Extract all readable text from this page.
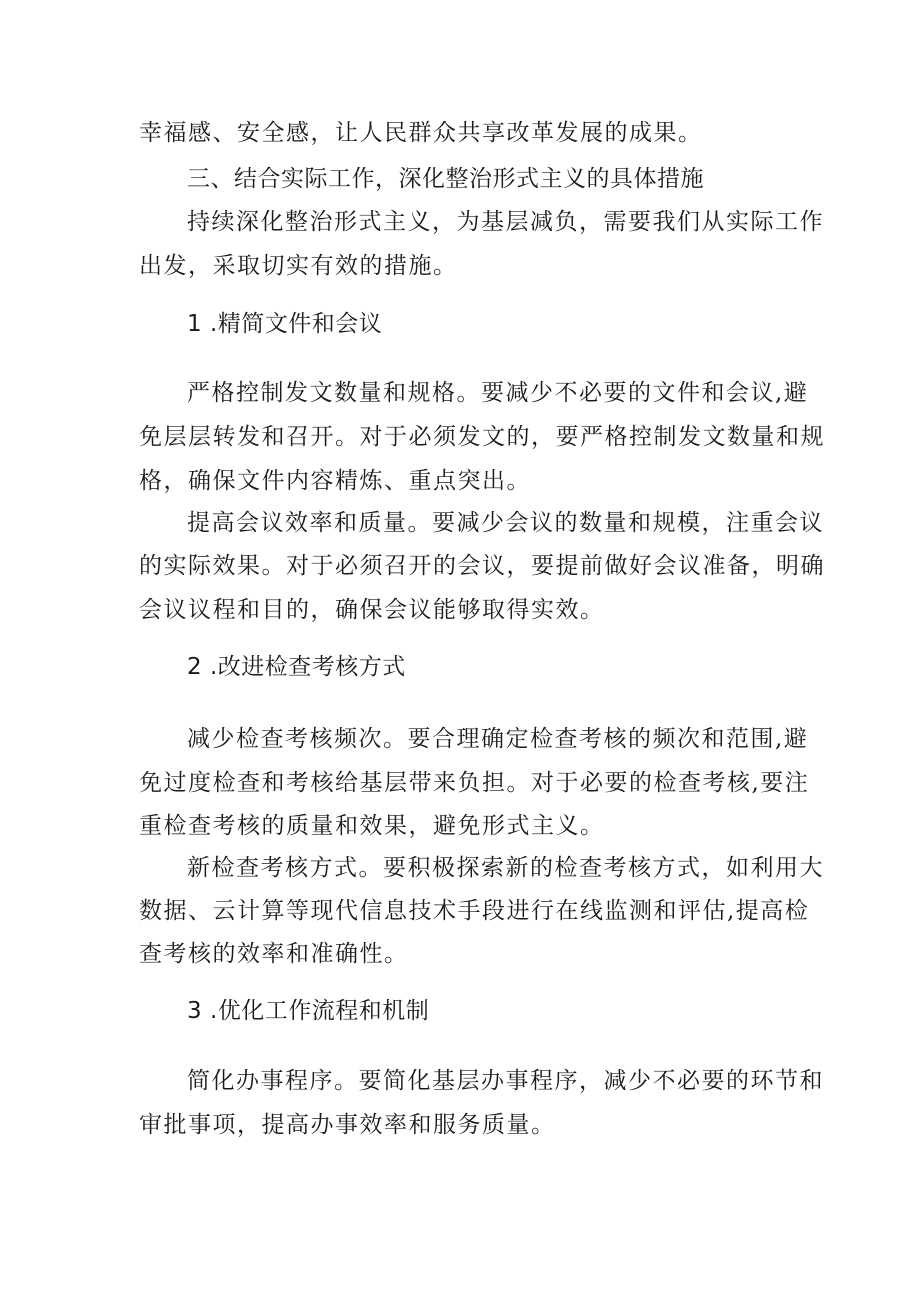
幸福感、安全感，让人民群众共享改革发展的成果。
三、结合实际工作，深化整治形式主义的具体措施
持续深化整治形式主义，为基层减负，需要我们从实际工作
出发，采取切实有效的措施。
1 .精简文件和会议
严格控制发文数量和规格。要减少不必要的文件和会议,避
免层层转发和召开。对于必须发文的，要严格控制发文数量和规
格，确保文件内容精炼、重点突出。
提高会议效率和质量。要减少会议的数量和规模，注重会议
的实际效果。对于必须召开的会议，要提前做好会议准备，明确
会议议程和目的，确保会议能够取得实效。
2 .改进检查考核方式
减少检查考核频次。要合理确定检查考核的频次和范围,避
免过度检查和考核给基层带来负担。对于必要的检查考核,要注
重检查考核的质量和效果，避免形式主义。
新检查考核方式。要积极探索新的检查考核方式，如利用大
数据、云计算等现代信息技术手段进行在线监测和评估,提高检
查考核的效率和准确性。
3 .优化工作流程和机制
简化办事程序。要简化基层办事程序，减少不必要的环节和
审批事项，提高办事效率和服务质量。
